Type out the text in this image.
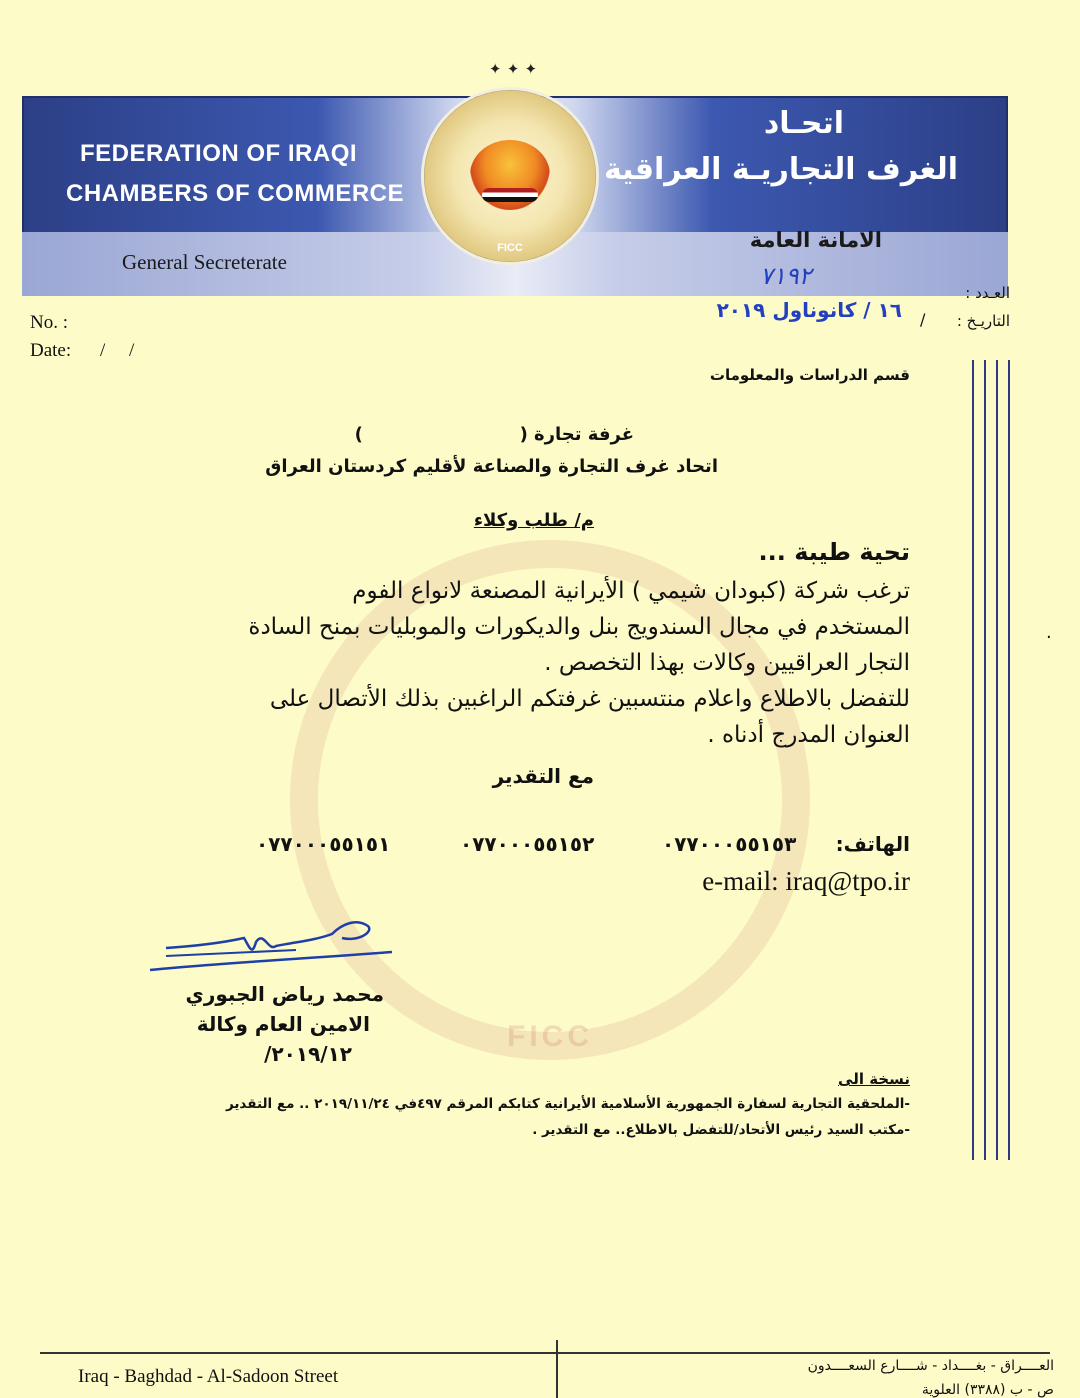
✦ ✦ ✦
FEDERATION OF IRAQI
CHAMBERS OF COMMERCE
General Secreterate
اتحـاد
الغرف التجاريـة العراقية
الامانة العامة
FICC
FICC
No. :
Date: /     /
العـدد :
التاريـخ :
٧١٩٢
١٦ / كانوناول ٢٠١٩ /
.
قسم الدراسات والمعلومات
غرفة تجارة (                         )
اتحاد غرف التجارة والصناعة لأقليم كردستان العراق
م/ طلب وكلاء
تحية طيبة ...
ترغب شركة (كبودان شيمي ) الأيرانية المصنعة لانواع الفوم
المستخدم في مجال السندويج بنل والديكورات والموبليات بمنح السادة
التجار العراقيين وكالات بهذا التخصص .
للتفضل بالاطلاع واعلام منتسبين غرفتكم الراغبين بذلك الأتصال على
العنوان المدرج أدناه .
مع التقدير
الهاتف:
٠٧٧٠٠٠٥٥١٥٣
٠٧٧٠٠٠٥٥١٥٢
٠٧٧٠٠٠٥٥١٥١
e-mail: iraq@tpo.ir
محمد رياض الجبوري
الامين العام وكالة
٢٠١٩/١٢/
نسخة الى
-الملحقية التجارية لسفارة الجمهورية الأسلامية الأيرانية كتابكم المرقم ٤٩٧في ٢٠١٩/١١/٢٤ .. مع التقدير
-مكتب السيد رئيس الأتحاد/للتفضل بالاطلاع.. مع التقدير .
Iraq - Baghdad - Al-Sadoon Street	العــــراق - بغــــداد - شــــارع السعــــدون
ص - ب (٣٣٨٨) العلوية
